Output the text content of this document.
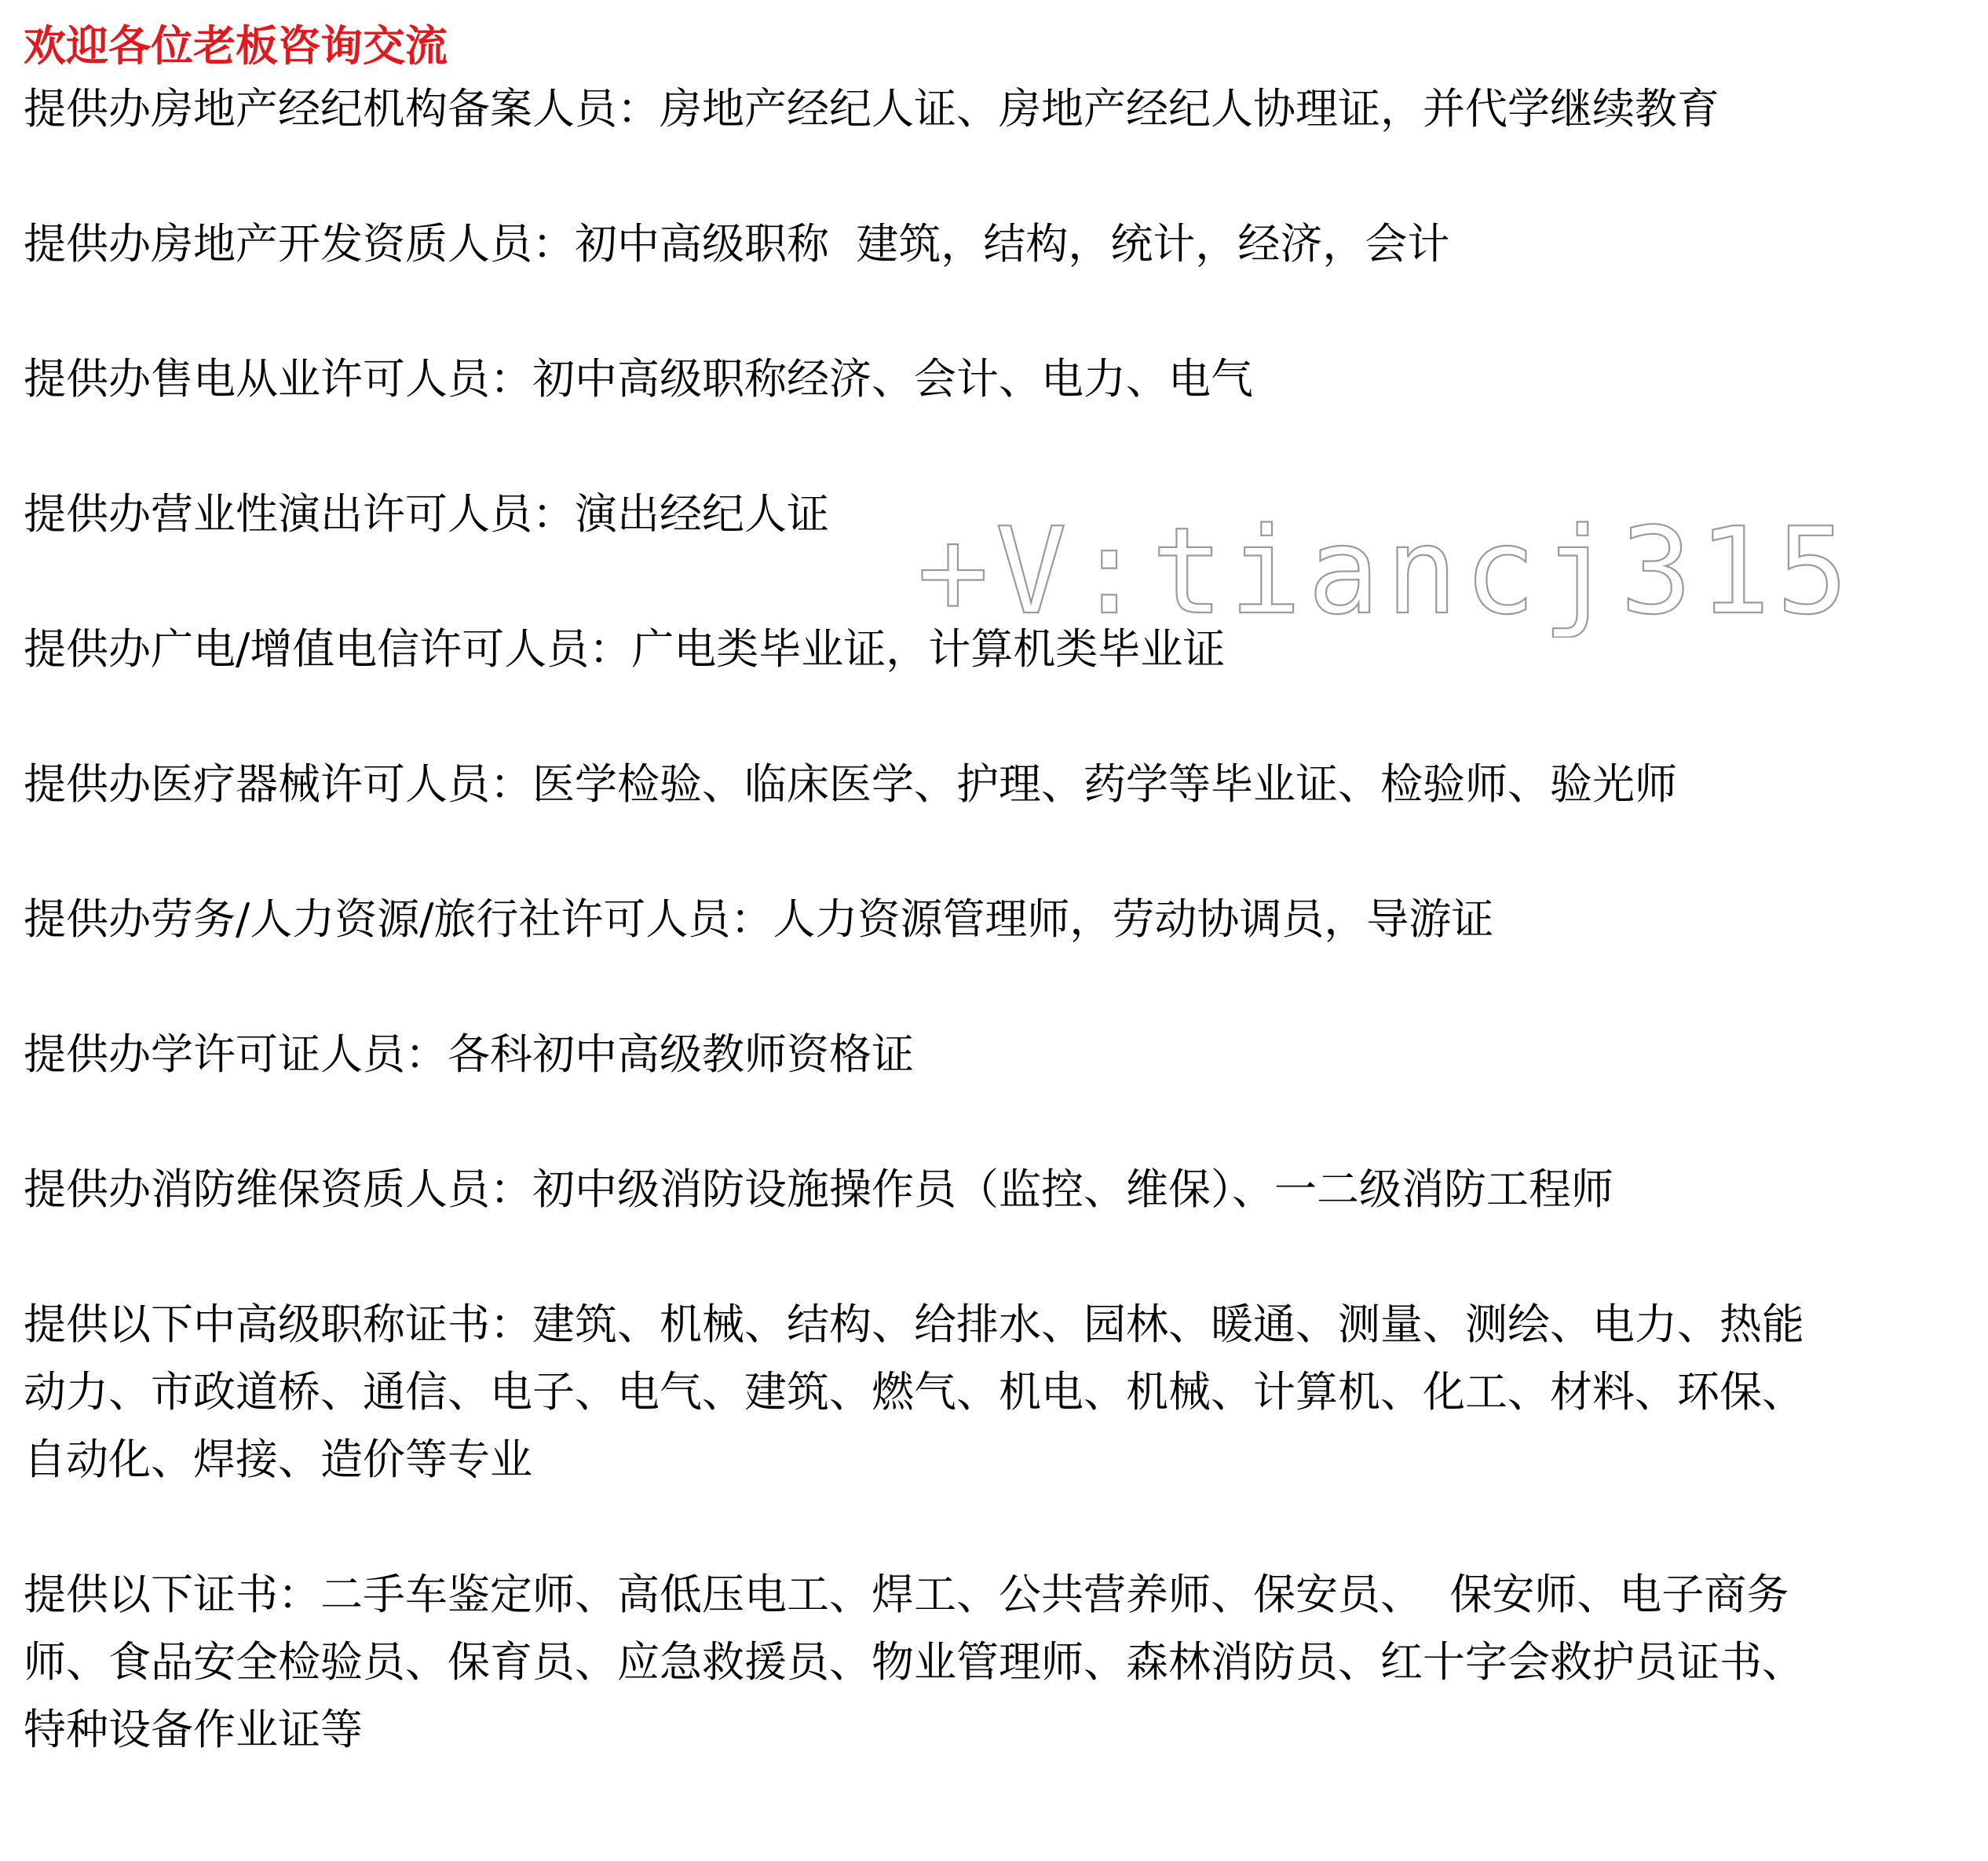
欢迎各位老板咨询交流

提供办房地产经纪机构备案人员：房地产经纪人证、房地产经纪人协理证，并代学继续教育

提供办房地产开发资质人员：初中高级职称  建筑，结构，统计，经济，会计

提供办售电从业许可人员：初中高级职称经济、会计、电力、电气

提供办营业性演出许可人员：演出经纪人证

提供办广电/增值电信许可人员：广电类毕业证，计算机类毕业证

提供办医疗器械许可人员：医学检验、临床医学、护理、药学等毕业证、检验师、验光师

提供办劳务/人力资源/旅行社许可人员：人力资源管理师，劳动协调员，导游证

提供办学许可证人员：各科初中高级教师资格证

提供办消防维保资质人员：初中级消防设施操作员（监控、维保）、一二级消防工程师

提供以下中高级职称证书：建筑、机械、结构、给排水、园林、暖通、测量、测绘、电力、热能动力、市政道桥、通信、电子、电气、建筑、燃气、机电、机械、计算机、化工、材料、环保、自动化、焊接、造价等专业

提供以下证书：二手车鉴定师、高低压电工、焊工、公共营养师、保安员、  保安师、电子商务师、食品安全检验员、保育员、应急救援员、物业管理师、森林消防员、红十字会救护员证书、特种设备作业证等

+V:tiancj315
